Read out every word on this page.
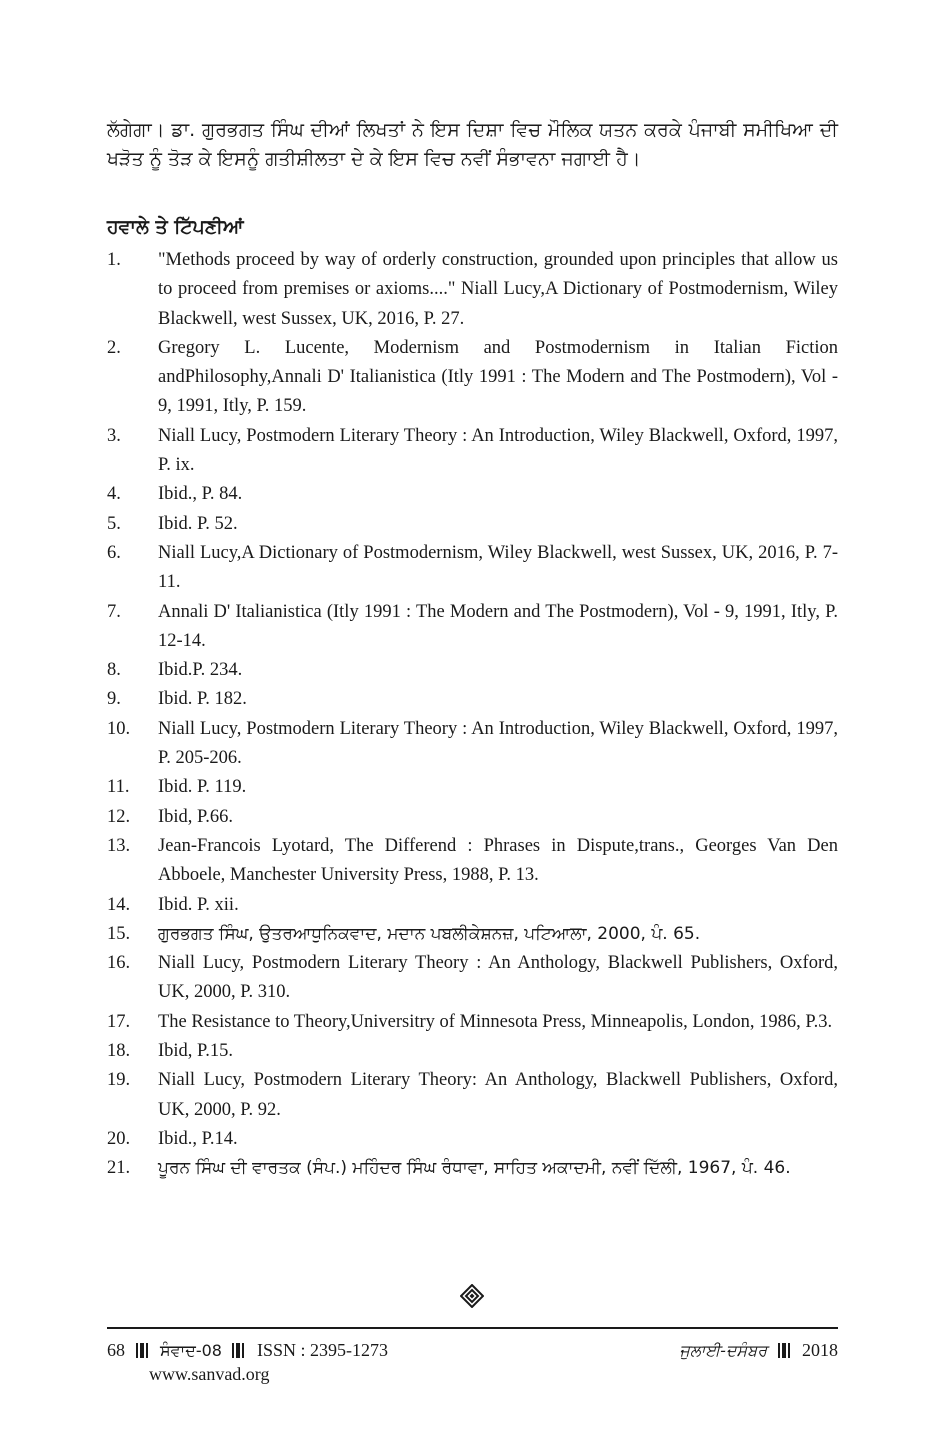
ਲੱਗੇਗਾ। ਡਾ. ਗੁਰਭਗਤ ਸਿੰਘ ਦੀਆਂ ਲਿਖਤਾਂ ਨੇ ਇਸ ਦਿਸ਼ਾ ਵਿਚ ਮੌਲਿਕ ਯਤਨ ਕਰਕੇ ਪੰਜਾਬੀ ਸਮੀਖਿਆ ਦੀ ਖੜੋਤ ਨੂੰ ਤੋੜ ਕੇ ਇਸਨੂੰ ਗਤੀਸ਼ੀਲਤਾ ਦੇ ਕੇ ਇਸ ਵਿਚ ਨਵੀਂ ਸੰਭਾਵਨਾ ਜਗਾਈ ਹੈ।

ਹਵਾਲੇ ਤੇ ਟਿੱਪਣੀਆਂ
1.	"Methods proceed by way of orderly construction, grounded upon principles that allow us to proceed from premises or axioms...." Niall Lucy,A Dictionary of Postmodernism, Wiley Blackwell, west Sussex, UK, 2016, P. 27.
2.	Gregory L. Lucente, Modernism and Postmodernism in Italian Fiction andPhilosophy,Annali D' Italianistica (Itly 1991 : The Modern and The Postmodern), Vol - 9, 1991, Itly, P. 159.
3.	Niall Lucy, Postmodern Literary Theory : An Introduction, Wiley Blackwell, Oxford, 1997, P. ix.
4.	Ibid., P. 84.
5.	Ibid. P. 52.
6.	Niall Lucy,A Dictionary of Postmodernism, Wiley Blackwell, west Sussex, UK, 2016, P. 7-11.
7.	Annali D' Italianistica (Itly 1991 : The Modern and The Postmodern), Vol - 9, 1991, Itly, P. 12-14.
8.	Ibid.P. 234.
9.	Ibid. P. 182.
10.	Niall Lucy, Postmodern Literary Theory : An Introduction, Wiley Blackwell, Oxford, 1997, P. 205-206.
11.	Ibid. P. 119.
12.	Ibid, P.66.
13.	Jean-Francois Lyotard, The Differend : Phrases in Dispute,trans., Georges Van Den Abboele, Manchester University Press, 1988, P. 13.
14.	Ibid. P. xii.
15.	ਗੁਰਭਗਤ ਸਿੰਘ, ਉਤਰਆਧੁਨਿਕਵਾਦ, ਮਦਾਨ ਪਬਲੀਕੇਸ਼ਨਜ਼, ਪਟਿਆਲਾ, 2000, ਪੰ. 65.
16.	Niall Lucy, Postmodern Literary Theory : An Anthology, Blackwell Publishers, Oxford, UK, 2000, P. 310.
17.	The Resistance to Theory,Universitry of Minnesota Press, Minneapolis, London, 1986, P.3.
18.	Ibid, P.15.
19.	Niall Lucy, Postmodern Literary Theory: An Anthology, Blackwell Publishers, Oxford, UK, 2000, P. 92.
20.	Ibid., P.14.
21.	ਪੂਰਨ ਸਿੰਘ ਦੀ ਵਾਰਤਕ (ਸੰਪ.) ਮਹਿੰਦਰ ਸਿੰਘ ਰੰਧਾਵਾ, ਸਾਹਿਤ ਅਕਾਦਮੀ, ਨਵੀਂ ਦਿੱਲੀ, 1967, ਪੰ. 46.
68 ਸੰਵਾਦ-08 ISSN : 2395-1273
www.sanvad.org
ਜੁਲਾਈ-ਦਸੰਬਰ 2018
